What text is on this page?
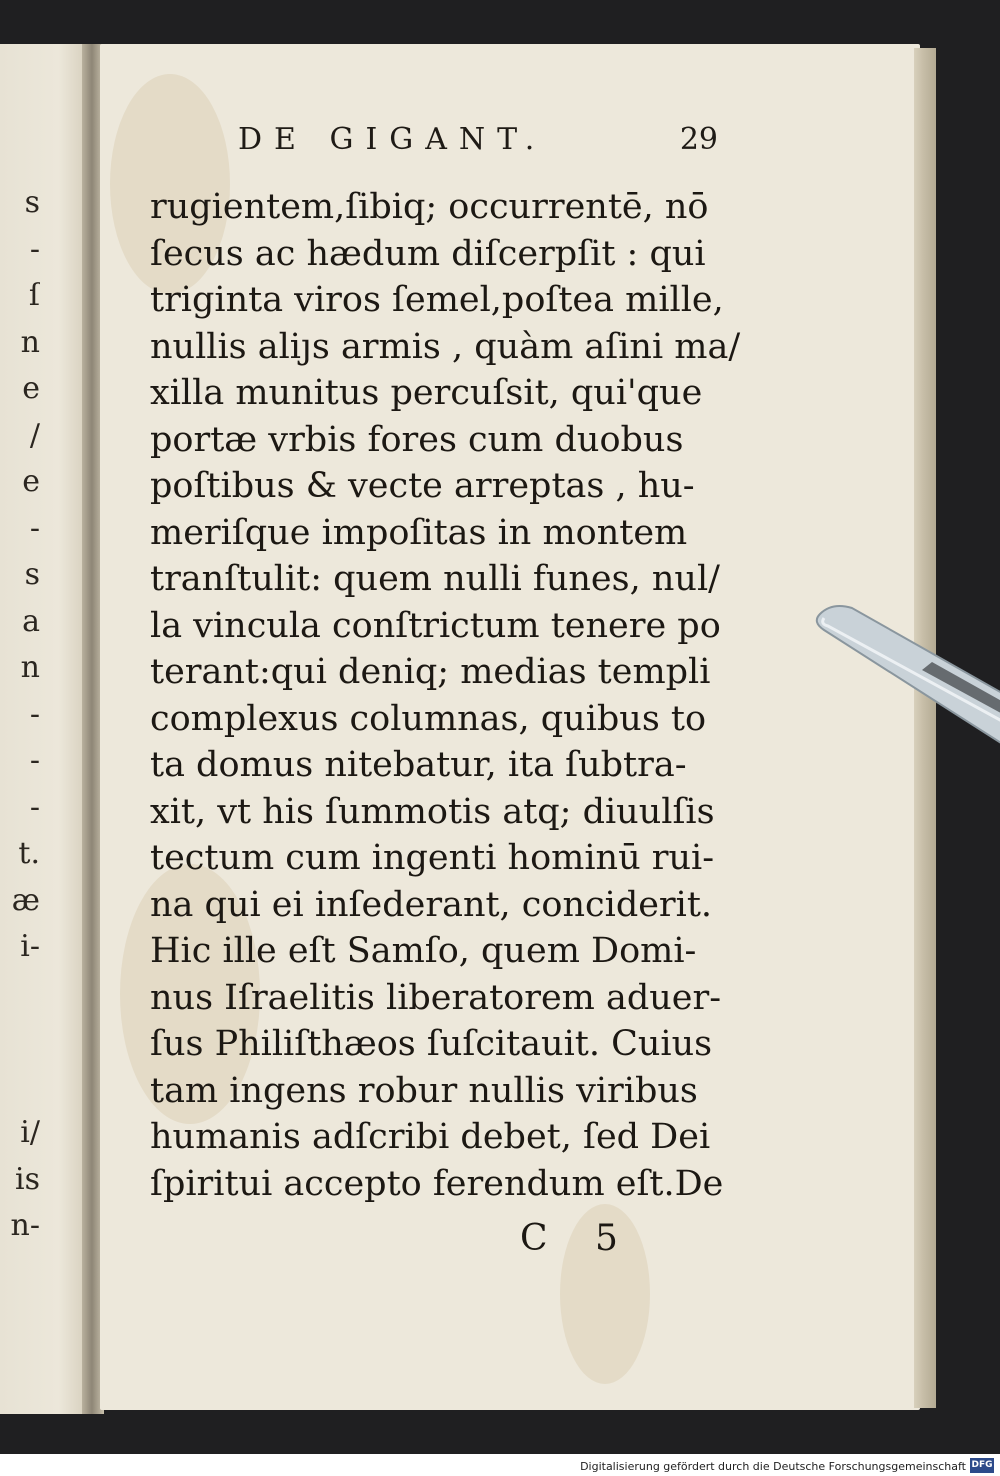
s
-
ſ
n
e
/
e
-
s
a
n
-
-
-
t.
æ
i-
i/
is
n-
DE GIGANT.	29
rugientem,ſibiq; occurrentē, nō
ſecus ac hædum diſcerpſit : qui
triginta viros ſemel,poſtea mille,
nullis aliȷs armis , quàm aſini ma/
xilla munitus percuſsit, qui'que
portæ vrbis fores cum duobus
poſtibus & vecte arreptas , hu-
meriſque impoſitas in montem
tranſtulit: quem nulli funes, nul/
la vincula conſtrictum tenere po
terant:qui deniq; medias templi
complexus columnas, quibus to
ta domus nitebatur, ita ſubtra-
xit, vt his ſummotis atq; diuulſis
tectum cum ingenti hominū rui-
na qui ei inſederant, conciderit.
Hic ille eſt Samſo, quem Domi-
nus Iſraelitis liberatorem aduer-
ſus Philiſthæos ſuſcitauit. Cuius
tam ingens robur nullis viribus
humanis adſcribi debet, ſed Dei
ſpiritui accepto ferendum eſt.De
C 5
Digitalisierung gefördert durch die Deutsche Forschungsgemeinschaft DFG
